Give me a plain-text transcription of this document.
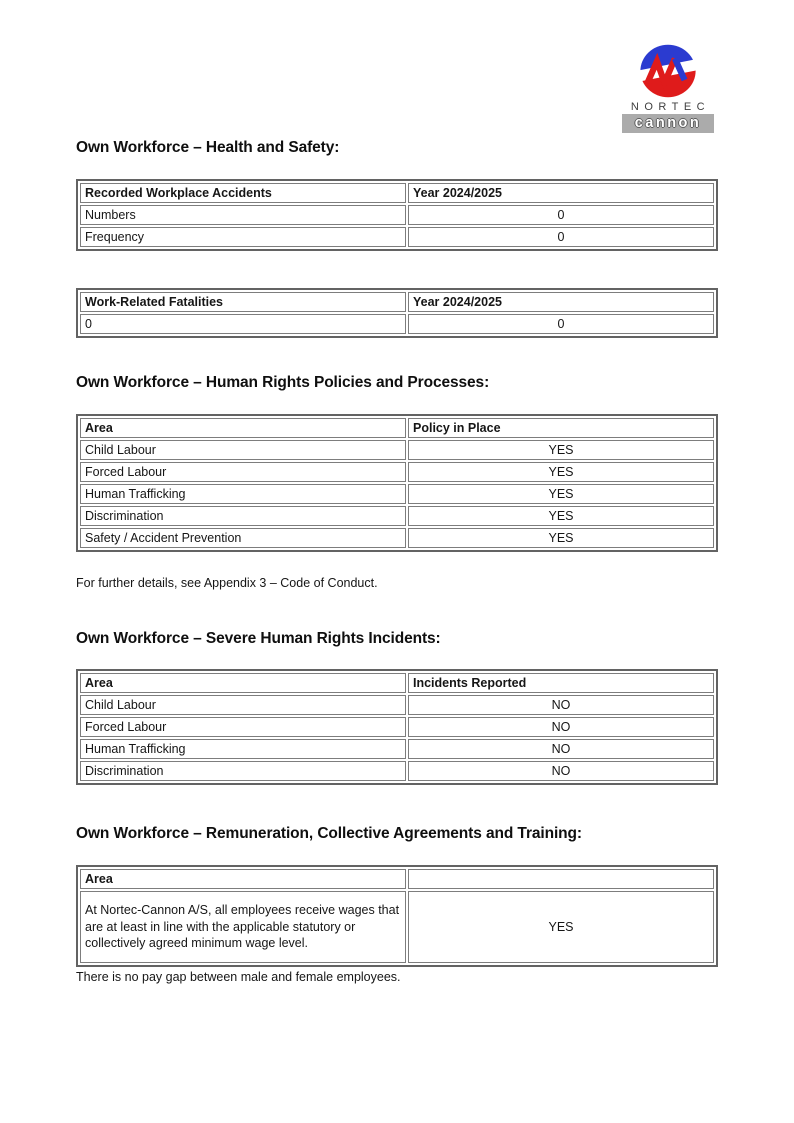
NORTEC
cannon
Own Workforce – Health and Safety:
Recorded Workplace Accidents	Year 2024/2025
Numbers	0
Frequency	0
Work-Related Fatalities	Year 2024/2025
0	0
Own Workforce – Human Rights Policies and Processes:
Area	Policy in Place
Child Labour	YES
Forced Labour	YES
Human Trafficking	YES
Discrimination	YES
Safety / Accident Prevention	YES
For further details, see Appendix 3 – Code of Conduct.
Own Workforce – Severe Human Rights Incidents:
Area	Incidents Reported
Child Labour	NO
Forced Labour	NO
Human Trafficking	NO
Discrimination	NO
Own Workforce – Remuneration, Collective Agreements and Training:
Area	
At Nortec-Cannon A/S, all employees receive wages that are at least in line with the applicable statutory or collectively agreed minimum wage level.	YES
There is no pay gap between male and female employees.
